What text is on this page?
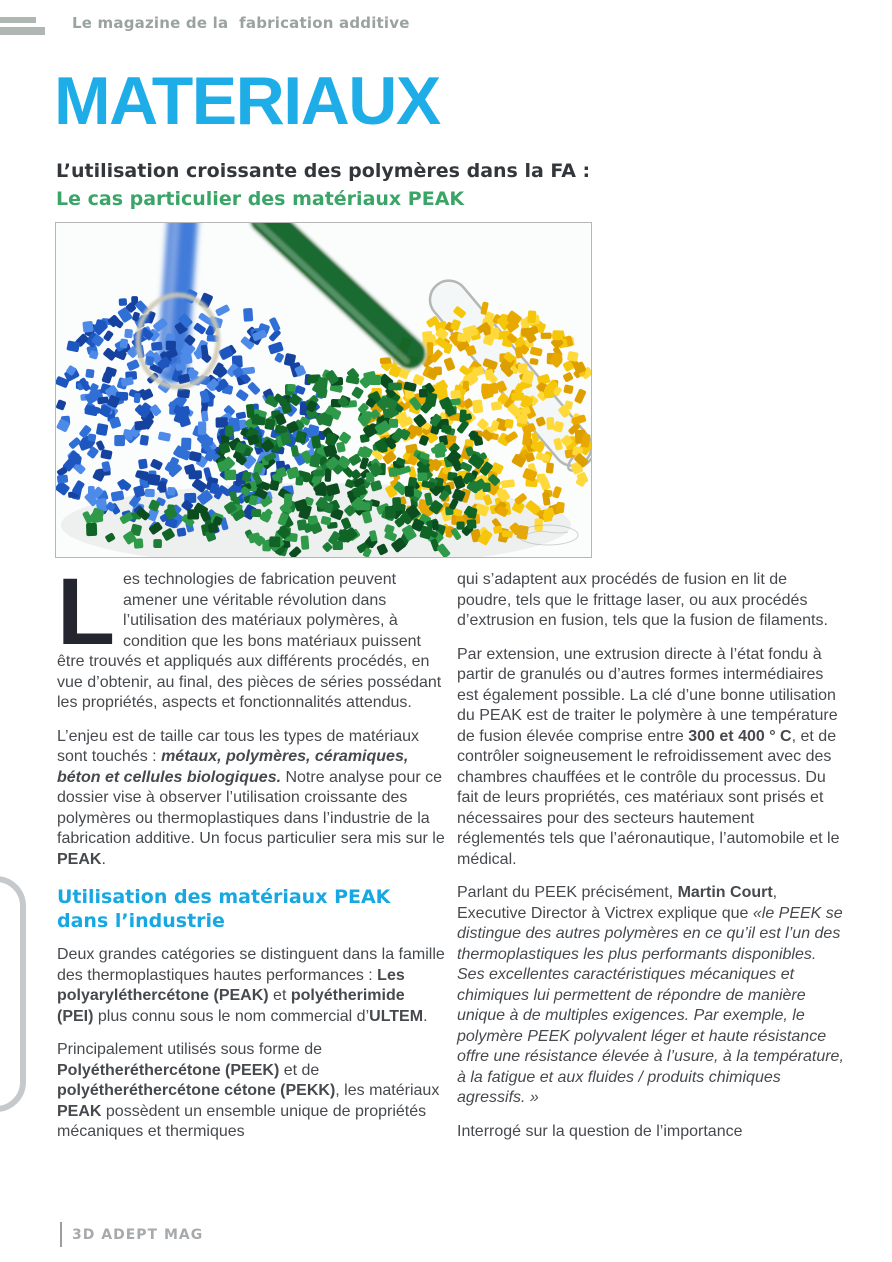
Le magazine de la  fabrication additive
MATERIAUX
L’utilisation croissante des polymères dans la FA :
Le cas particulier des matériaux PEAK

Les technologies de fabrication peuvent amener une véritable révolution dans l’utilisation des matériaux polymères, à condition que les bons matériaux puissent être trouvés et appliqués aux différents procédés, en vue d’obtenir, au final, des pièces de séries possédant les propriétés, aspects et fonctionnalités attendus.

L’enjeu est de taille car tous les types de matériaux sont touchés : métaux, polymères, céramiques, béton et cellules biologiques. Notre analyse pour ce dossier vise à observer l’utilisation croissante des polymères ou thermoplastiques dans l’industrie de la fabrication additive. Un focus particulier sera mis sur le PEAK.

Utilisation des matériaux PEAK dans l’industrie

Deux grandes catégories se distinguent dans la famille des thermoplastiques hautes performances : Les polyaryléthercétone (PEAK) et polyétherimide (PEI) plus connu sous le nom commercial d’ULTEM.

Principalement utilisés sous forme de Polyétheréthercétone (PEEK) et de polyétheréthercétone cétone (PEKK), les matériaux PEAK possèdent un ensemble unique de propriétés mécaniques et thermiques

qui s’adaptent aux procédés de fusion en lit de poudre, tels que le frittage laser, ou aux procédés d’extrusion en fusion, tels que la fusion de filaments.

Par extension, une extrusion directe à l’état fondu à partir de granulés ou d’autres formes intermédiaires est également possible. La clé d’une bonne utilisation du PEAK est de traiter le polymère à une température de fusion élevée comprise entre 300 et 400 ° C, et de contrôler soigneusement le refroidissement avec des chambres chauffées et le contrôle du processus. Du fait de leurs propriétés, ces matériaux sont prisés et nécessaires pour des secteurs hautement réglementés tels que l’aéronautique, l’automobile et le médical.

Parlant du PEEK précisément, Martin Court, Executive Director à Victrex explique que «le PEEK se distingue des autres polymères en ce qu’il est l’un des thermoplastiques les plus performants disponibles. Ses excellentes caractéristiques mécaniques et chimiques lui permettent de répondre de manière unique à de multiples exigences. Par exemple, le polymère PEEK polyvalent léger et haute résistance offre une résistance élevée à l’usure, à la température, à la fatigue et aux fluides / produits chimiques agressifs. »

Interrogé sur la question de l’importance

3D ADEPT MAG
